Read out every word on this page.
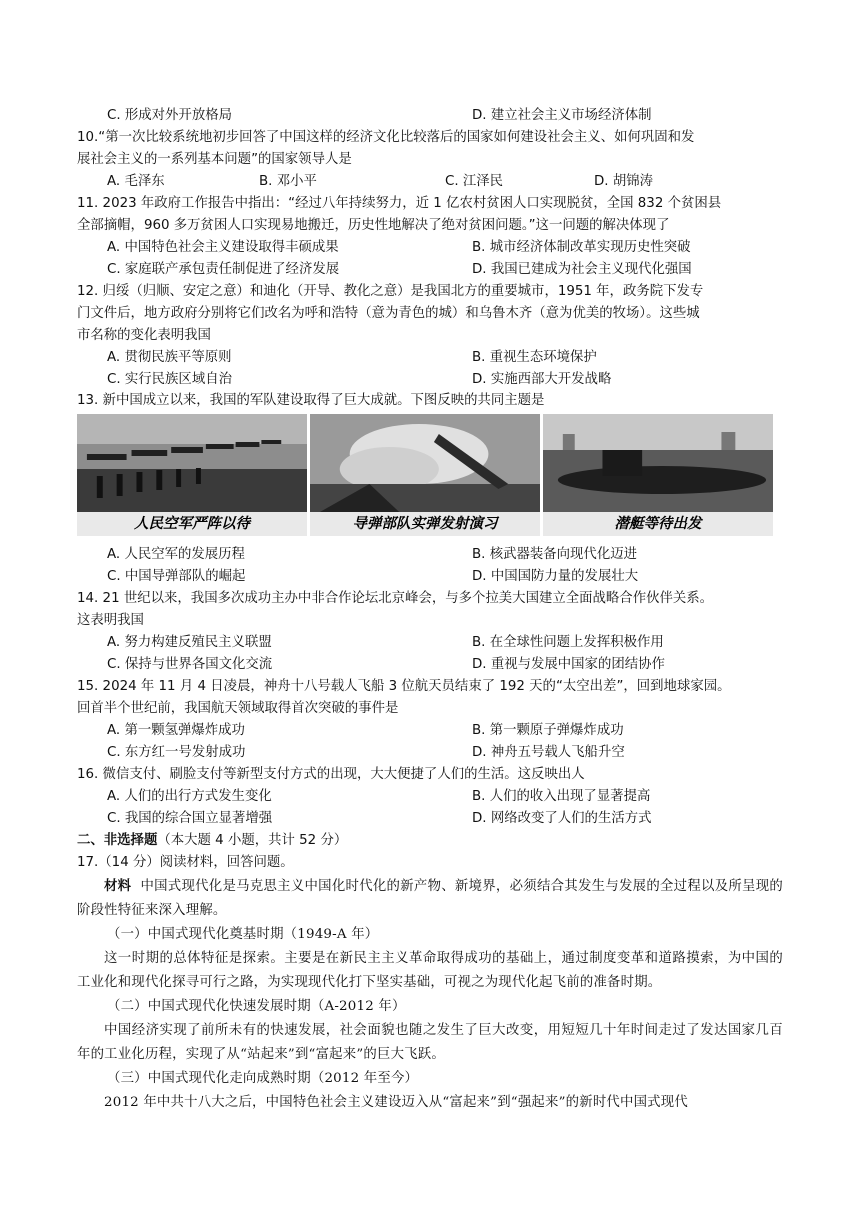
C. 形成对外开放格局	D. 建立社会主义市场经济体制
10.“第一次比较系统地初步回答了中国这样的经济文化比较落后的国家如何建设社会主义、如何巩固和发
展社会主义的一系列基本问题”的国家领导人是
A. 毛泽东	B. 邓小平	C. 江泽民	D. 胡锦涛
11. 2023 年政府工作报告中指出：“经过八年持续努力，近 1 亿农村贫困人口实现脱贫，全国 832 个贫困县
全部摘帽，960 多万贫困人口实现易地搬迁，历史性地解决了绝对贫困问题。”这一问题的解决体现了
A. 中国特色社会主义建设取得丰硕成果	B. 城市经济体制改革实现历史性突破
C. 家庭联产承包责任制促进了经济发展	D. 我国已建成为社会主义现代化强国
12. 归绥（归顺、安定之意）和迪化（开导、教化之意）是我国北方的重要城市，1951 年，政务院下发专
门文件后，地方政府分别将它们改名为呼和浩特（意为青色的城）和乌鲁木齐（意为优美的牧场）。这些城
市名称的变化表明我国
A. 贯彻民族平等原则	B. 重视生态环境保护
C. 实行民族区域自治	D. 实施西部大开发战略
13. 新中国成立以来，我国的军队建设取得了巨大成就。下图反映的共同主题是
人民空军严阵以待	导弹部队实弹发射演习	潜艇等待出发
A. 人民空军的发展历程	B. 核武器装备向现代化迈进
C. 中国导弹部队的崛起	D. 中国国防力量的发展壮大
14. 21 世纪以来，我国多次成功主办中非合作论坛北京峰会，与多个拉美大国建立全面战略合作伙伴关系。
这表明我国
A. 努力构建反殖民主义联盟	B. 在全球性问题上发挥积极作用
C. 保持与世界各国文化交流	D. 重视与发展中国家的团结协作
15. 2024 年 11 月 4 日凌晨，神舟十八号载人飞船 3 位航天员结束了 192 天的“太空出差”，回到地球家园。
回首半个世纪前，我国航天领域取得首次突破的事件是
A. 第一颗氢弹爆炸成功	B. 第一颗原子弹爆炸成功
C. 东方红一号发射成功	D. 神舟五号载人飞船升空
16. 微信支付、刷脸支付等新型支付方式的出现，大大便捷了人们的生活。这反映出人
A. 人们的出行方式发生变化	B. 人们的收入出现了显著提高
C. 我国的综合国立显著增强	D. 网络改变了人们的生活方式
二、非选择题（本大题 4 小题，共计 52 分）
17.（14 分）阅读材料，回答问题。

材料 中国式现代化是马克思主义中国化时代化的新产物、新境界，必须结合其发生与发展的全过程以及所呈现的阶段性特征来深入理解。

（一）中国式现代化奠基时期（1949-A 年）

这一时期的总体特征是探索。主要是在新民主主义革命取得成功的基础上，通过制度变革和道路摸索，为中国的工业化和现代化探寻可行之路，为实现现代化打下坚实基础，可视之为现代化起飞前的准备时期。

（二）中国式现代化快速发展时期（A-2012 年）

中国经济实现了前所未有的快速发展，社会面貌也随之发生了巨大改变，用短短几十年时间走过了发达国家几百年的工业化历程，实现了从“站起来”到“富起来”的巨大飞跃。

（三）中国式现代化走向成熟时期（2012 年至今）

2012 年中共十八大之后，中国特色社会主义建设迈入从“富起来”到“强起来”的新时代中国式现代
